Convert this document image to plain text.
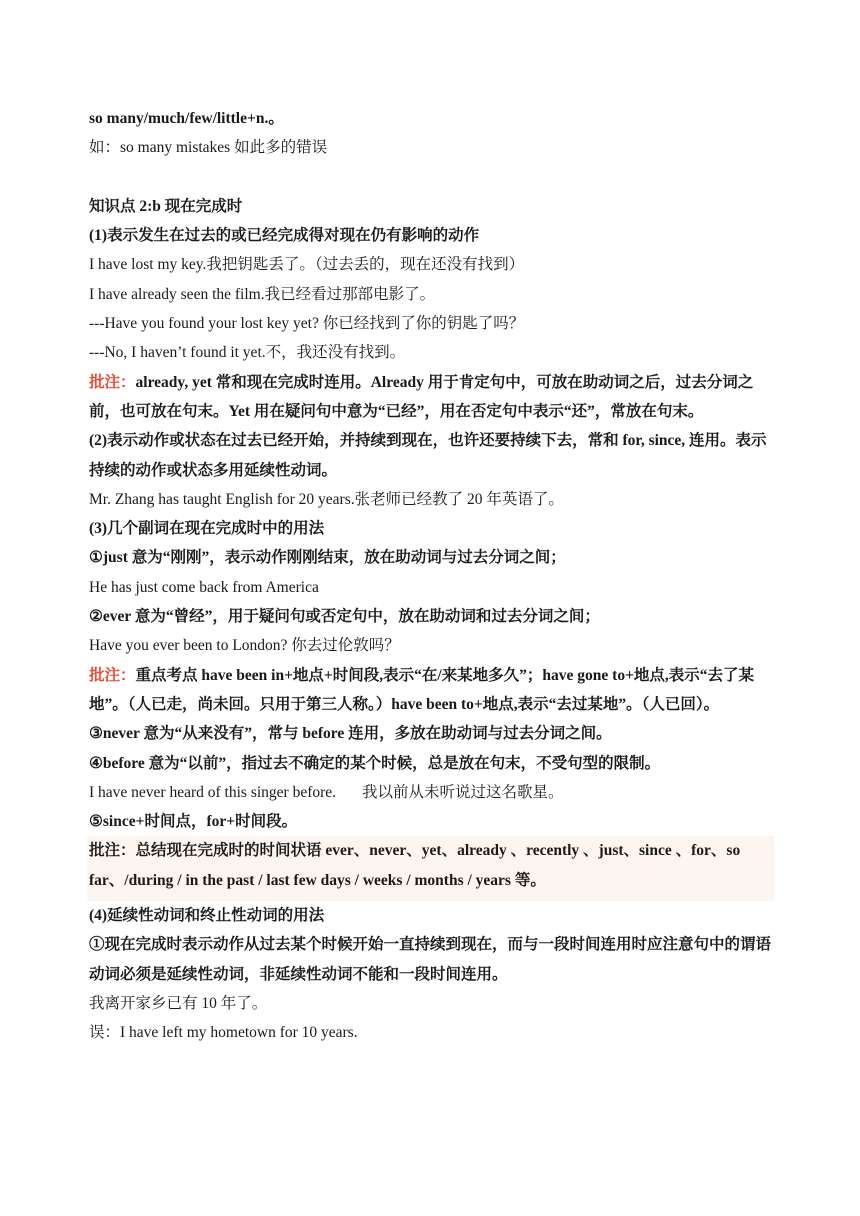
so many/much/few/little+n.。
如：so many mistakes 如此多的错误
知识点 2:b 现在完成时
(1)表示发生在过去的或已经完成得对现在仍有影响的动作
I have lost my key.我把钥匙丢了。（过去丢的，现在还没有找到）
I have already seen the film.我已经看过那部电影了。
---Have you found your lost key yet? 你已经找到了你的钥匙了吗？
---No, I haven’t found it yet.不，我还没有找到。
批注：already, yet 常和现在完成时连用。Already 用于肯定句中，可放在助动词之后，过去分词之前，也可放在句末。Yet 用在疑问句中意为“已经”，用在否定句中表示“还”，常放在句末。
(2)表示动作或状态在过去已经开始，并持续到现在，也许还要持续下去，常和 for, since, 连用。表示持续的动作或状态多用延续性动词。
Mr. Zhang has taught English for 20 years.张老师已经教了 20 年英语了。
(3)几个副词在现在完成时中的用法
①just 意为“刚刚”，表示动作刚刚结束，放在助动词与过去分词之间；
He has just come back from America
②ever 意为“曾经”，用于疑问句或否定句中，放在助动词和过去分词之间；
Have you ever been to London? 你去过伦敦吗？
批注：重点考点 have been in+地点+时间段,表示“在/来某地多久”；have gone to+地点,表示“去了某地”。（人已走，尚未回。只用于第三人称。）have been to+地点,表示“去过某地”。（人已回）。
③never 意为“从来没有”，常与 before 连用，多放在助动词与过去分词之间。
④before 意为“以前”，指过去不确定的某个时候，总是放在句末，不受句型的限制。
I have never heard of this singer before. 我以前从未听说过这名歌星。
⑤since+时间点，for+时间段。
批注：总结现在完成时的时间状语 ever、never、yet、already 、recently 、just、since 、for、so far、/during / in the past / last few days / weeks / months / years 等。
(4)延续性动词和终止性动词的用法
①现在完成时表示动作从过去某个时候开始一直持续到现在，而与一段时间连用时应注意句中的谓语动词必须是延续性动词，非延续性动词不能和一段时间连用。
我离开家乡已有 10 年了。
误：I have left my hometown for 10 years.
